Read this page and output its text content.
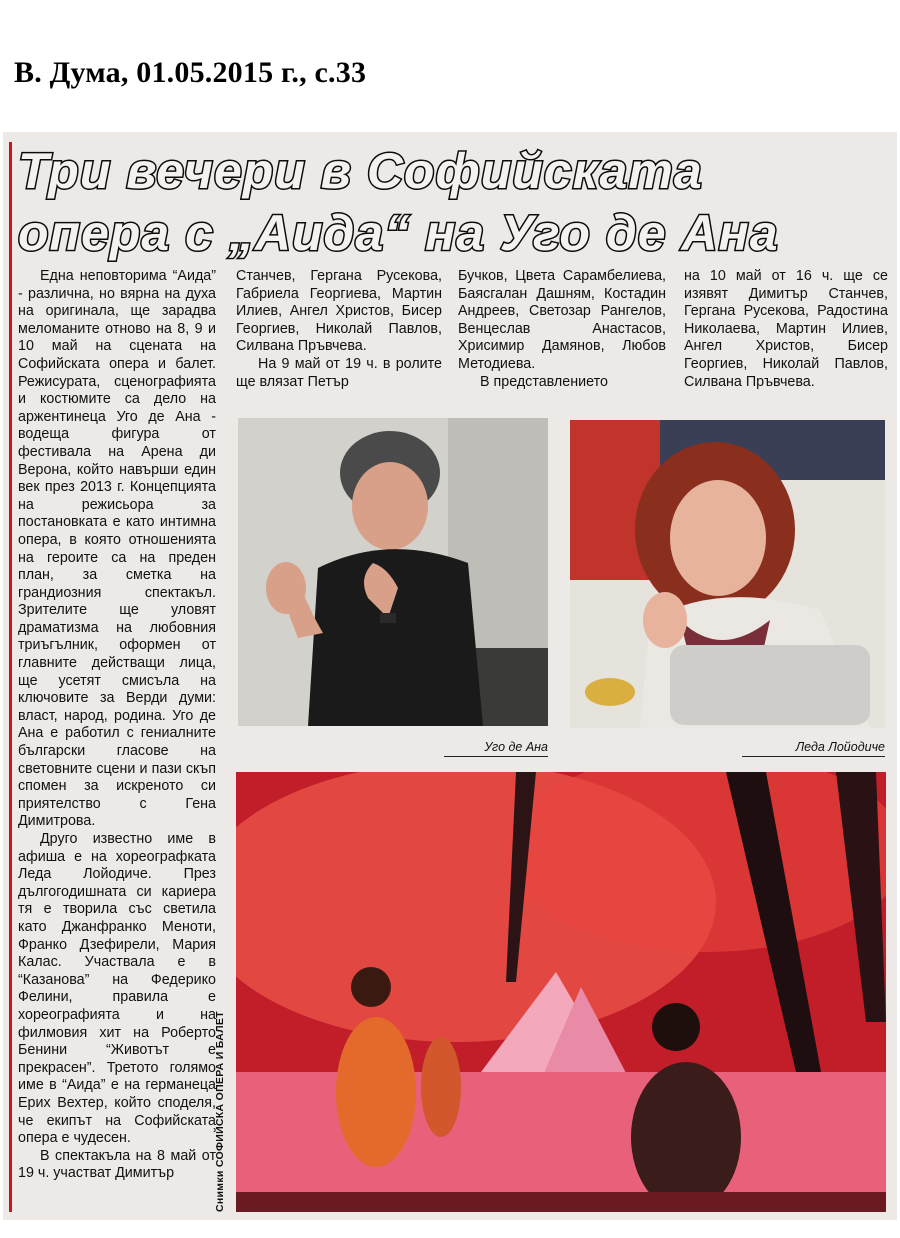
В. Дума, 01.05.2015 г., с.33
Три вечери в Софийската
опера с „Аида“ на Уго де Ана

Една неповторима “Аида” - различна, но вярна на духа на оригинала, ще зарадва меломаните отново на 8, 9 и 10 май на сцената на Софийската опера и балет. Режисурата, сценографията и костюмите са дело на аржентинеца Уго де Ана - водеща фигура от фестивала на Арена ди Верона, който навърши един век през 2013 г. Концепцията на режисьора за постановката е като интимна опера, в която отношенията на героите са на преден план, за сметка на грандиозния спектакъл. Зрителите ще уловят драматизма на любовния триъгълник, оформен от главните действащи лица, ще усетят смисъла на ключовите за Верди думи: власт, народ, родина. Уго де Ана е работил с гениалните български гласове на световните сцени и пази скъп спомен за искреното си приятелство с Гена Димитрова.

Друго известно име в афиша е на хореографката Леда Лойодиче. През дългогодишната си кариера тя е творила със светила като Джанфранко Меноти, Франко Дзефирели, Мария Калас. Участвала е в “Казанова” на Федерико Фелини, правила е хореографията и на филмовия хит на Роберто Бенини “Животът е прекрасен”. Третото голямо име в “Аида” е на германеца Ерих Вехтер, който споделя, че екипът на Софийската опера е чудесен.

В спектакъла на 8 май от 19 ч. участват Димитър

Станчев, Гергана Русекова, Габриела Георгиева, Мартин Илиев, Ангел Христов, Бисер Георгиев, Николай Павлов, Силвана Пръвчева.

На 9 май от 19 ч. в ролите ще влязат Петър

Бучков, Цвета Сарамбелиева, Баясгалан Дашням, Костадин Андреев, Светозар Рангелов, Венцеслав Анастасов, Хрисимир Дамянов, Любов Методиева.

В представлението

на 10 май от 16 ч. ще се изявят Димитър Станчев, Гергана Русекова, Радостина Николаева, Мартин Илиев, Ангел Христов, Бисер Георгиев, Николай Павлов, Силвана Пръвчева.

Уго де Ана	Леда Лойодиче
Снимки СОФИЙСКА ОПЕРА И БАЛЕТ
